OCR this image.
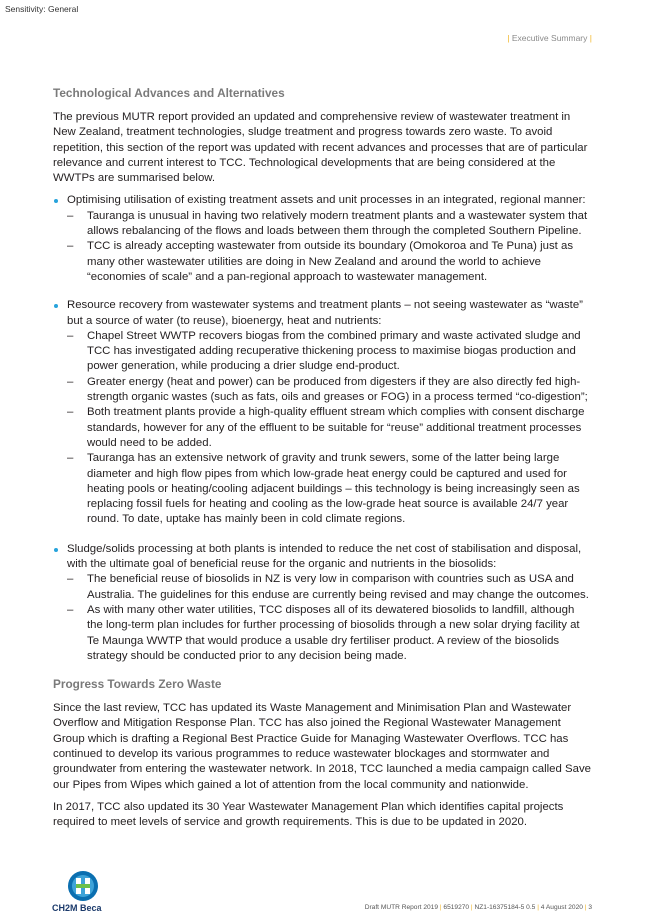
Sensitivity: General
| Executive Summary |
Technological Advances and Alternatives

The previous MUTR report provided an updated and comprehensive review of wastewater treatment in New Zealand, treatment technologies, sludge treatment and progress towards zero waste. To avoid repetition, this section of the report was updated with recent advances and processes that are of particular relevance and current interest to TCC. Technological developments that are being considered at the WWTPs are summarised below.

Optimising utilisation of existing treatment assets and unit processes in an integrated, regional manner:
– Tauranga is unusual in having two relatively modern treatment plants and a wastewater system that allows rebalancing of the flows and loads between them through the completed Southern Pipeline.
– TCC is already accepting wastewater from outside its boundary (Omokoroa and Te Puna) just as many other wastewater utilities are doing in New Zealand and around the world to achieve “economies of scale” and a pan-regional approach to wastewater management.
Resource recovery from wastewater systems and treatment plants – not seeing wastewater as “waste” but a source of water (to reuse), bioenergy, heat and nutrients:
– Chapel Street WWTP recovers biogas from the combined primary and waste activated sludge and TCC has investigated adding recuperative thickening process to maximise biogas production and power generation, while producing a drier sludge end-product.
– Greater energy (heat and power) can be produced from digesters if they are also directly fed high-strength organic wastes (such as fats, oils and greases or FOG) in a process termed “co-digestion”;
– Both treatment plants provide a high-quality effluent stream which complies with consent discharge standards, however for any of the effluent to be suitable for “reuse” additional treatment processes would need to be added.
– Tauranga has an extensive network of gravity and trunk sewers, some of the latter being large diameter and high flow pipes from which low-grade heat energy could be captured and used for heating pools or heating/cooling adjacent buildings – this technology is being increasingly seen as replacing fossil fuels for heating and cooling as the low-grade heat source is available 24/7 year round. To date, uptake has mainly been in cold climate regions.
Sludge/solids processing at both plants is intended to reduce the net cost of stabilisation and disposal, with the ultimate goal of beneficial reuse for the organic and nutrients in the biosolids:
– The beneficial reuse of biosolids in NZ is very low in comparison with countries such as USA and Australia. The guidelines for this enduse are currently being revised and may change the outcomes.
– As with many other water utilities, TCC disposes all of its dewatered biosolids to landfill, although the long-term plan includes for further processing of biosolids through a new solar drying facility at Te Maunga WWTP that would produce a usable dry fertiliser product. A review of the biosolids strategy should be conducted prior to any decision being made.
Progress Towards Zero Waste

Since the last review, TCC has updated its Waste Management and Minimisation Plan and Wastewater Overflow and Mitigation Response Plan. TCC has also joined the Regional Wastewater Management Group which is drafting a Regional Best Practice Guide for Managing Wastewater Overflows. TCC has continued to develop its various programmes to reduce wastewater blockages and stormwater and groundwater from entering the wastewater network. In 2018, TCC launched a media campaign called Save our Pipes from Wipes which gained a lot of attention from the local community and nationwide.

In 2017, TCC also updated its 30 Year Wastewater Management Plan which identifies capital projects required to meet levels of service and growth requirements. This is due to be updated in 2020.

CH2M Beca	Draft MUTR Report 2019 | 6519270 | NZ1-16375184-5 0.5 | 4 August 2020 | 3
